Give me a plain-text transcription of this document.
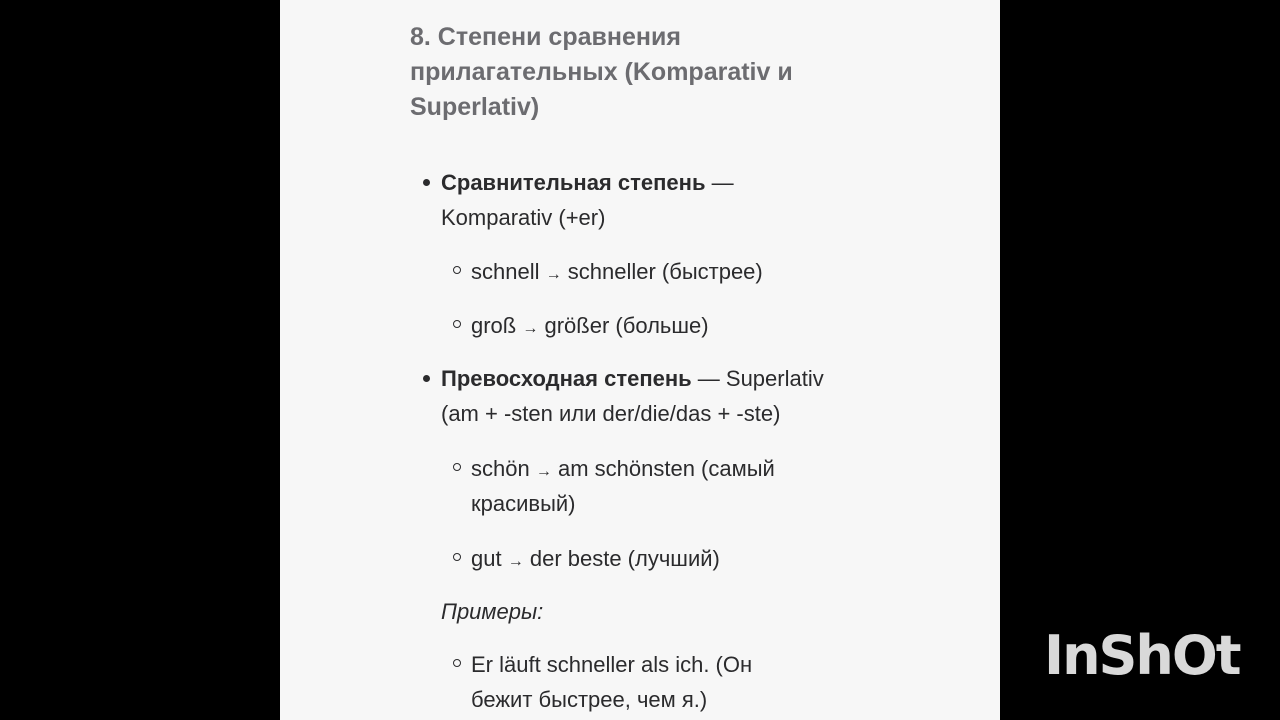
8. Степени сравнения
прилагательных (Komparativ и
Superlativ)
Сравнительная степень —
Komparativ (+er)
schnell → schneller (быстрее)
groß → größer (больше)
Превосходная степень — Superlativ
(am + -sten или der/die/das + -ste)
schön → am schönsten (самый
красивый)
gut → der beste (лучший)
Примеры:
Er läuft schneller als ich. (Он
бежит быстрее, чем я.)
InShOt
